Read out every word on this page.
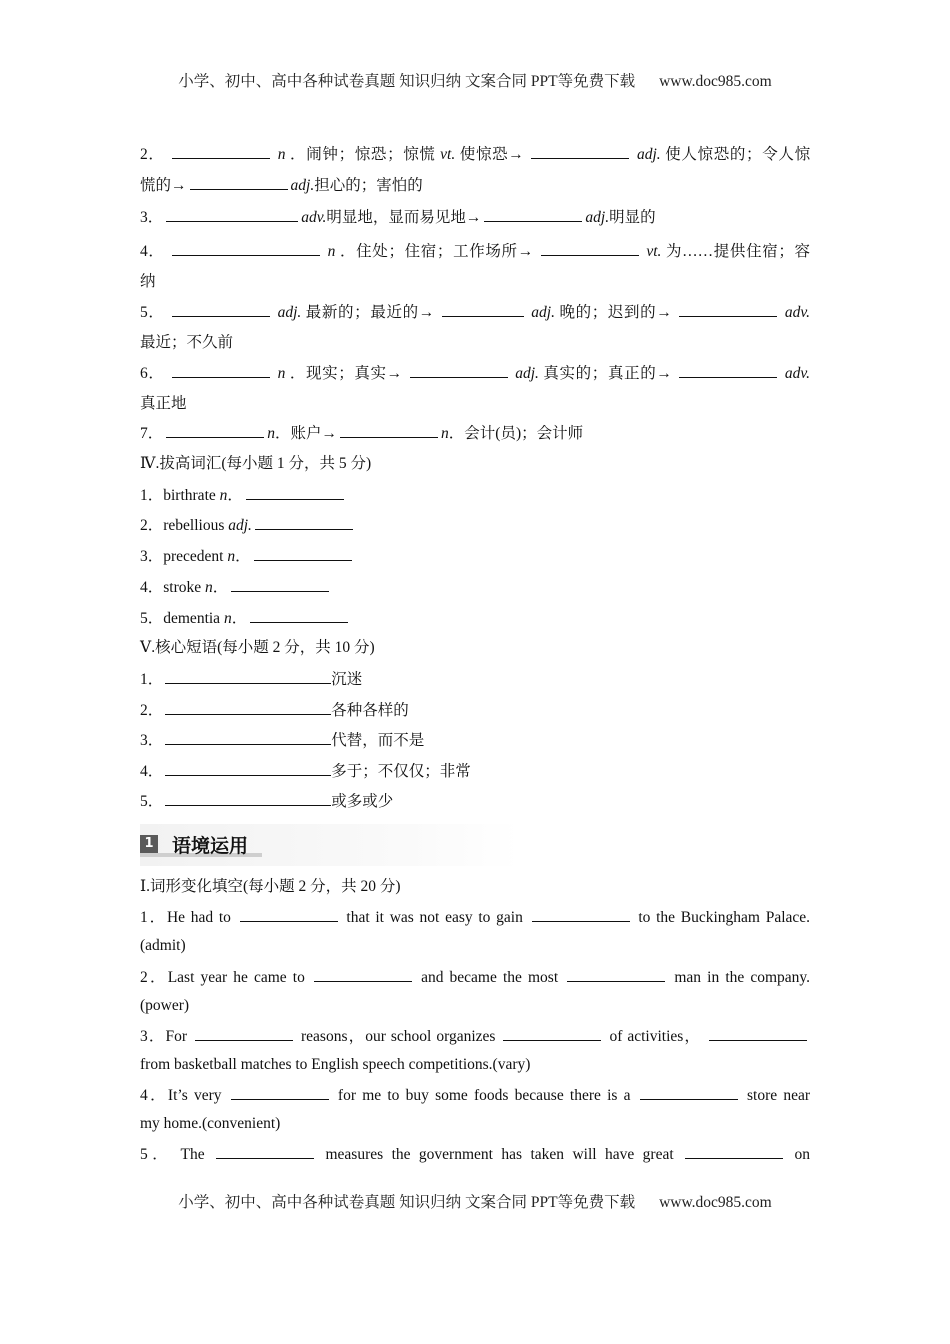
小学、初中、高中各种试卷真题 知识归纳 文案合同 PPT等免费下载 www.doc985.com
1 语境运用
2．	n ．闹钟；惊恐；惊慌 vt. 使惊恐→	adj. 使人惊恐的；令人惊
慌的→	adj.担心的；害怕的
3．	adv.明显地，显而易见地→	adj.明显的
4．	n ．住处；住宿；工作场所→	vt. 为……提供住宿；容
纳
5．	adj. 最新的；最近的→	adj. 晚的；迟到的→	adv.
最近；不久前
6．	n ．现实；真实→	adj. 真实的；真正的→	adv.
真正地
7．	n．账户→	n．会计(员)；会计师
Ⅳ.拔高词汇(每小题 1 分，共 5 分)
1．birthrate n．
2．rebellious adj.
3．precedent n．
4．stroke n．
5．dementia n．
Ⅴ.核心短语(每小题 2 分，共 10 分)
1．	沉迷
2．	各种各样的
3．	代替，而不是
4．	多于；不仅仅；非常
5．	或多或少
Ⅰ.词形变化填空(每小题 2 分，共 20 分)
1．He had to	that it was not easy to gain	to the Buckingham Palace.
(admit)
2．Last year he came to	and became the most	man in the company.
(power)
3．For	reasons，our school organizes	of activities，
from basketball matches to English speech competitions.(vary)
4．It’s very	for me to buy some foods because there is a	store near
my home.(convenient)
5． The	measures the government has taken will have great	on
小学、初中、高中各种试卷真题 知识归纳 文案合同 PPT等免费下载 www.doc985.com
